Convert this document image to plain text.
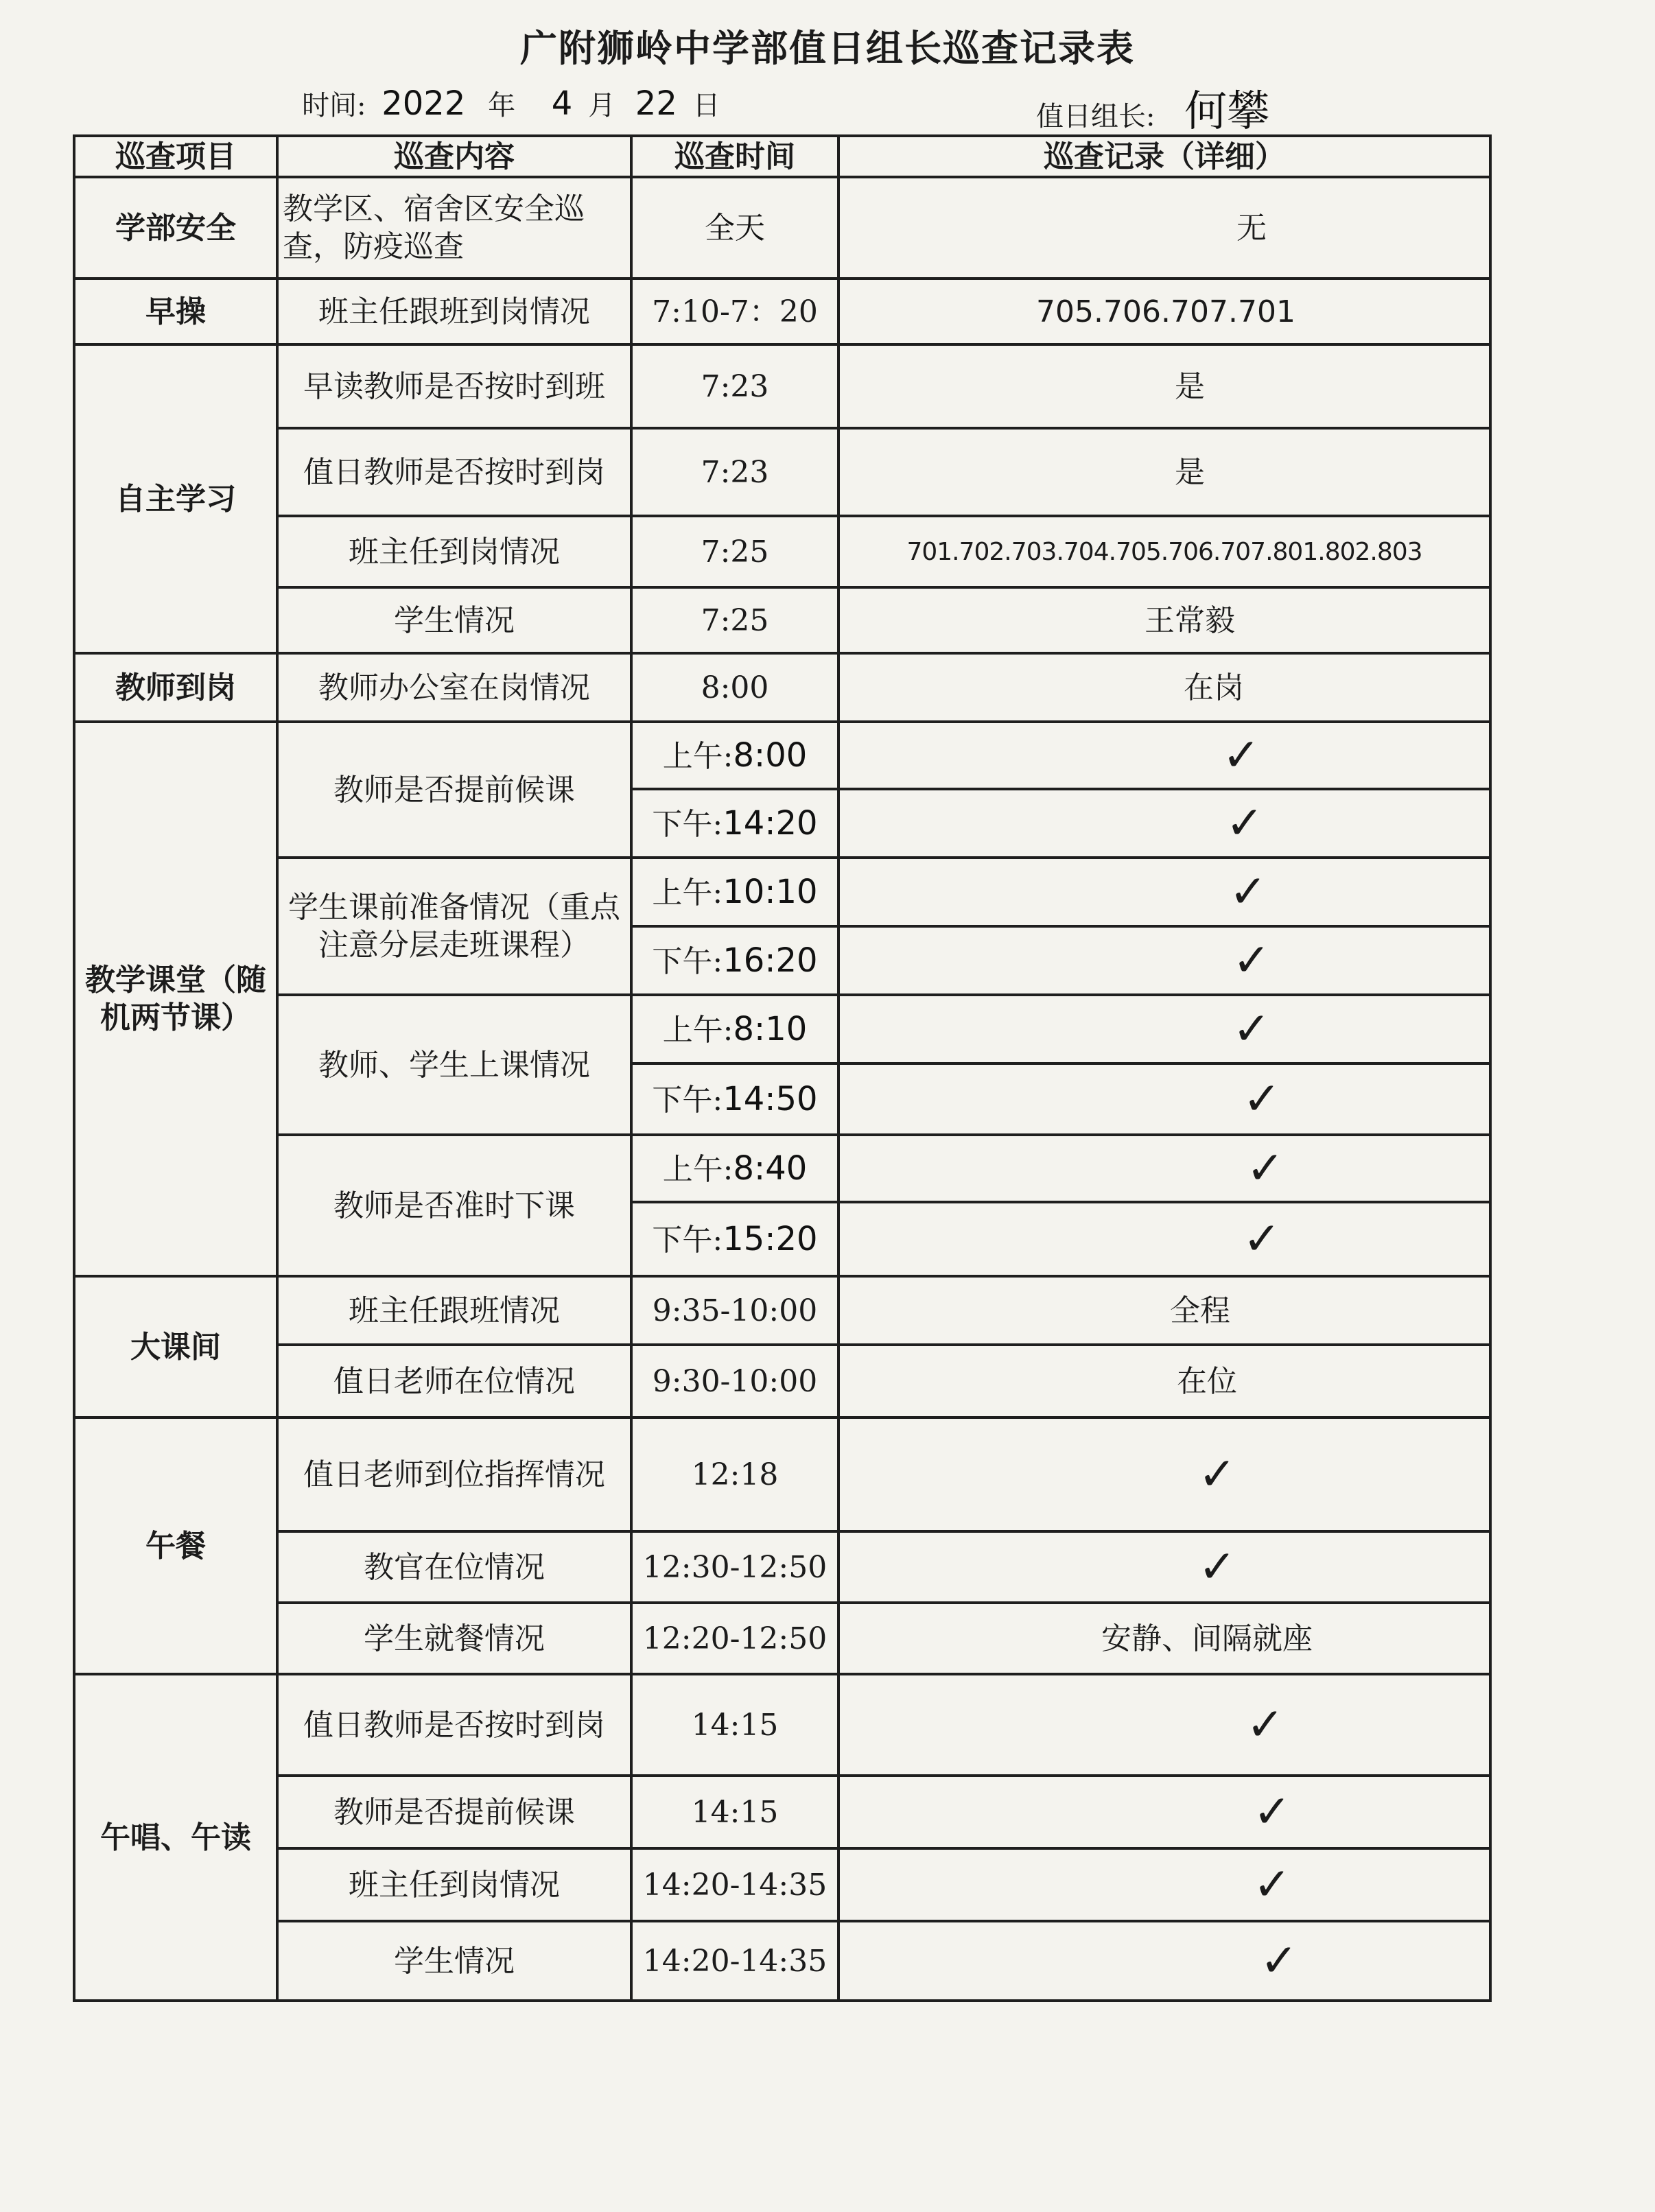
广附狮岭中学部值日组长巡查记录表
时间: 2022 年 4 月 22 日	值日组长: 何攀
巡查项目	巡查内容	巡查时间	巡查记录（详细）
学部安全	教学区、宿舍区安全巡查，防疫巡查	全天	无
早操	班主任跟班到岗情况	7:10-7：20	705.706.707.701
自主学习	早读教师是否按时到班	7:23	是
	值日教师是否按时到岗	7:23	是
	班主任到岗情况	7:25	701.702.703.704.705.706.707.801.802.803
	学生情况	7:25	王常毅
教师到岗	教师办公室在岗情况	8:00	在岗
教学课堂（随机两节课）	教师是否提前候课	上午:8:00	✓
		下午:14:20	✓
	学生课前准备情况（重点注意分层走班课程）	上午:10:10	✓
		下午:16:20	✓
	教师、学生上课情况	上午:8:10	✓
		下午:14:50	✓
	教师是否准时下课	上午:8:40	✓
		下午:15:20	✓
大课间	班主任跟班情况	9:35-10:00	全程
	值日老师在位情况	9:30-10:00	在位
午餐	值日老师到位指挥情况	12:18	✓
	教官在位情况	12:30-12:50	✓
	学生就餐情况	12:20-12:50	安静、间隔就座
午唱、午读	值日教师是否按时到岗	14:15	✓
	教师是否提前候课	14:15	✓
	班主任到岗情况	14:20-14:35	✓
	学生情况	14:20-14:35	✓
